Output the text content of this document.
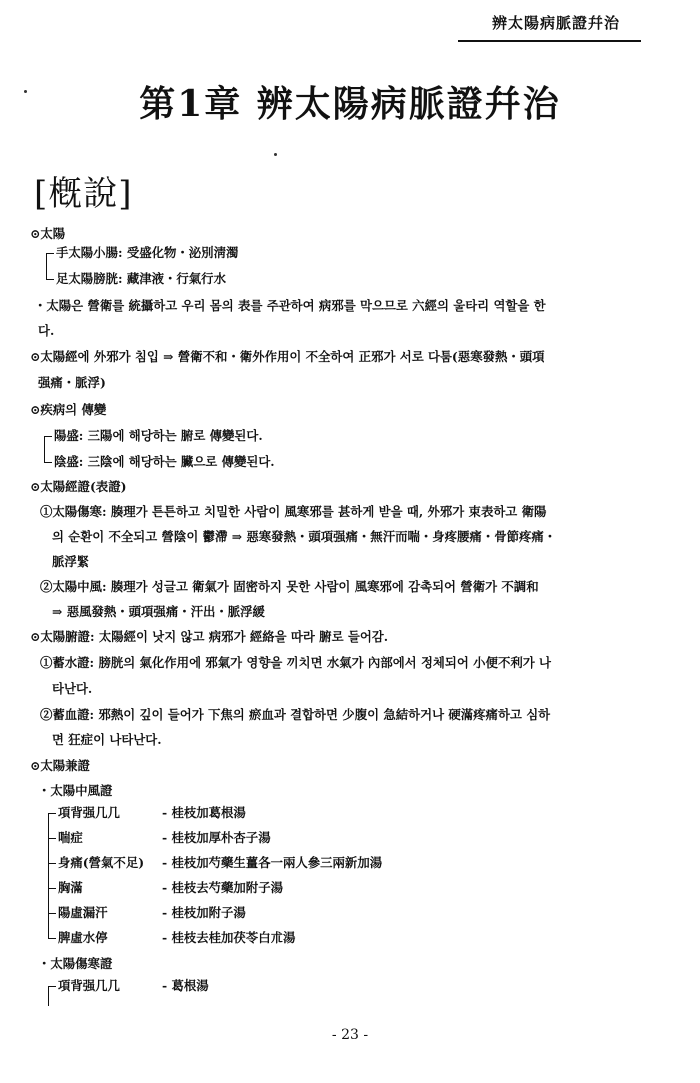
辨太陽病脈證幷治
第1章 辨太陽病脈證幷治
[槪說]
⊙太陽
手太陽小腸: 受盛化物・泌別淸濁
足太陽膀胱: 藏津液・行氣行水
・太陽은 營衛를 統攝하고 우리 몸의 表를 주관하여 病邪를 막으므로 六經의 울타리 역할을 한
다.
⊙太陽經에 外邪가 침입 ⇒ 營衛不和・衛外作用이 不全하여 正邪가 서로 다툼(惡寒發熱・頭項
强痛・脈浮)
⊙疾病의 傳變
陽盛: 三陽에 해당하는 腑로 傳變된다.
陰盛: 三陰에 해당하는 臟으로 傳變된다.
⊙太陽經證(表證)
①太陽傷寒: 腠理가 튼튼하고 치밀한 사람이 風寒邪를 甚하게 받을 때, 外邪가 束表하고 衛陽
의 순환이 不全되고 營陰이 鬱滯 ⇒ 惡寒發熱・頭項强痛・無汗而喘・身疼腰痛・骨節疼痛・
脈浮緊
②太陽中風: 腠理가 성글고 衛氣가 固密하지 못한 사람이 風寒邪에 감촉되어 營衛가 不調和
⇒ 惡風發熱・頭項强痛・汗出・脈浮緩
⊙太陽腑證: 太陽經이 낫지 않고 病邪가 經絡을 따라 腑로 들어감.
①蓄水證: 膀胱의 氣化作用에 邪氣가 영향을 끼치면 水氣가 內部에서 정체되어 小便不利가 나
타난다.
②蓄血證: 邪熱이 깊이 들어가 下焦의 瘀血과 결합하면 少腹이 急結하거나 硬滿疼痛하고 심하
면 狂症이 나타난다.
⊙太陽兼證
・太陽中風證
項背强几几	- 桂枝加葛根湯
喘症	- 桂枝加厚朴杏子湯
身痛(營氣不足) - 桂枝加芍藥生薑各一兩人參三兩新加湯
胸滿	- 桂枝去芍藥加附子湯
陽虛漏汗	- 桂枝加附子湯
脾虛水停	- 桂枝去桂加茯苓白朮湯
・太陽傷寒證
項背强几几	- 葛根湯
- 23 -
